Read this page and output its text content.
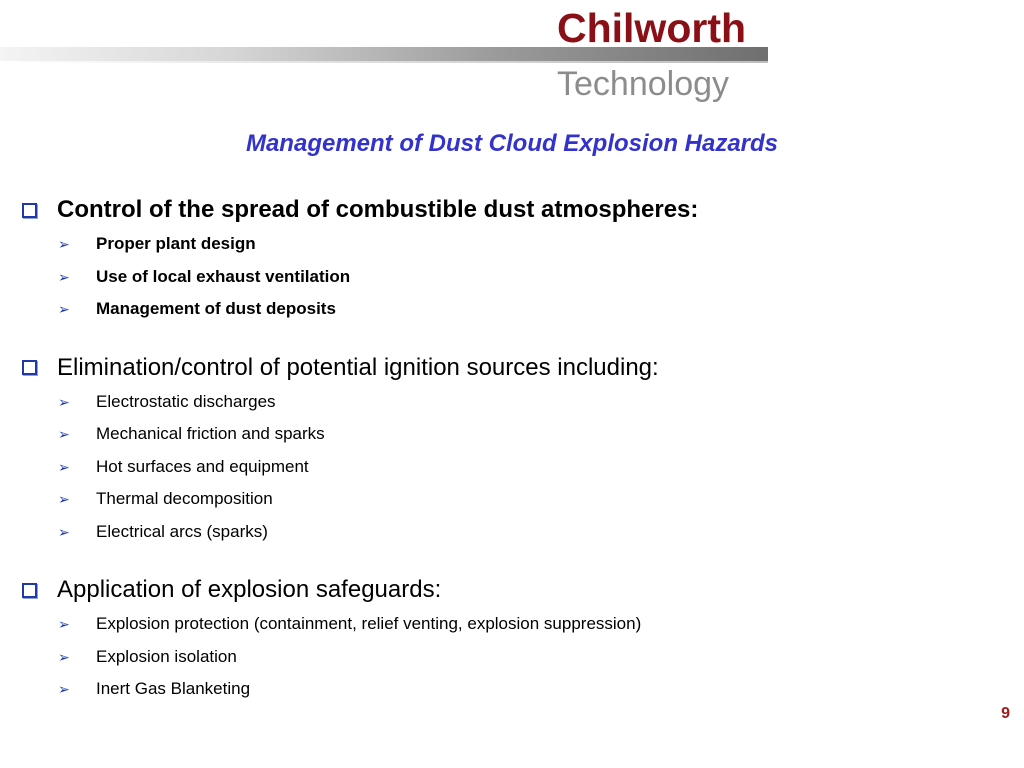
Chilworth
Technology
Management of Dust Cloud Explosion Hazards
Control of the spread of combustible dust atmospheres:
➢	Proper plant design
➢	Use of local exhaust ventilation
➢	Management of dust deposits
Elimination/control of potential ignition sources including:
➢	Electrostatic discharges
➢	Mechanical friction and sparks
➢	Hot surfaces and equipment
➢	Thermal decomposition
➢	Electrical arcs (sparks)
Application of explosion safeguards:
➢	Explosion protection (containment, relief venting, explosion suppression)
➢	Explosion isolation
➢	Inert Gas Blanketing
9
